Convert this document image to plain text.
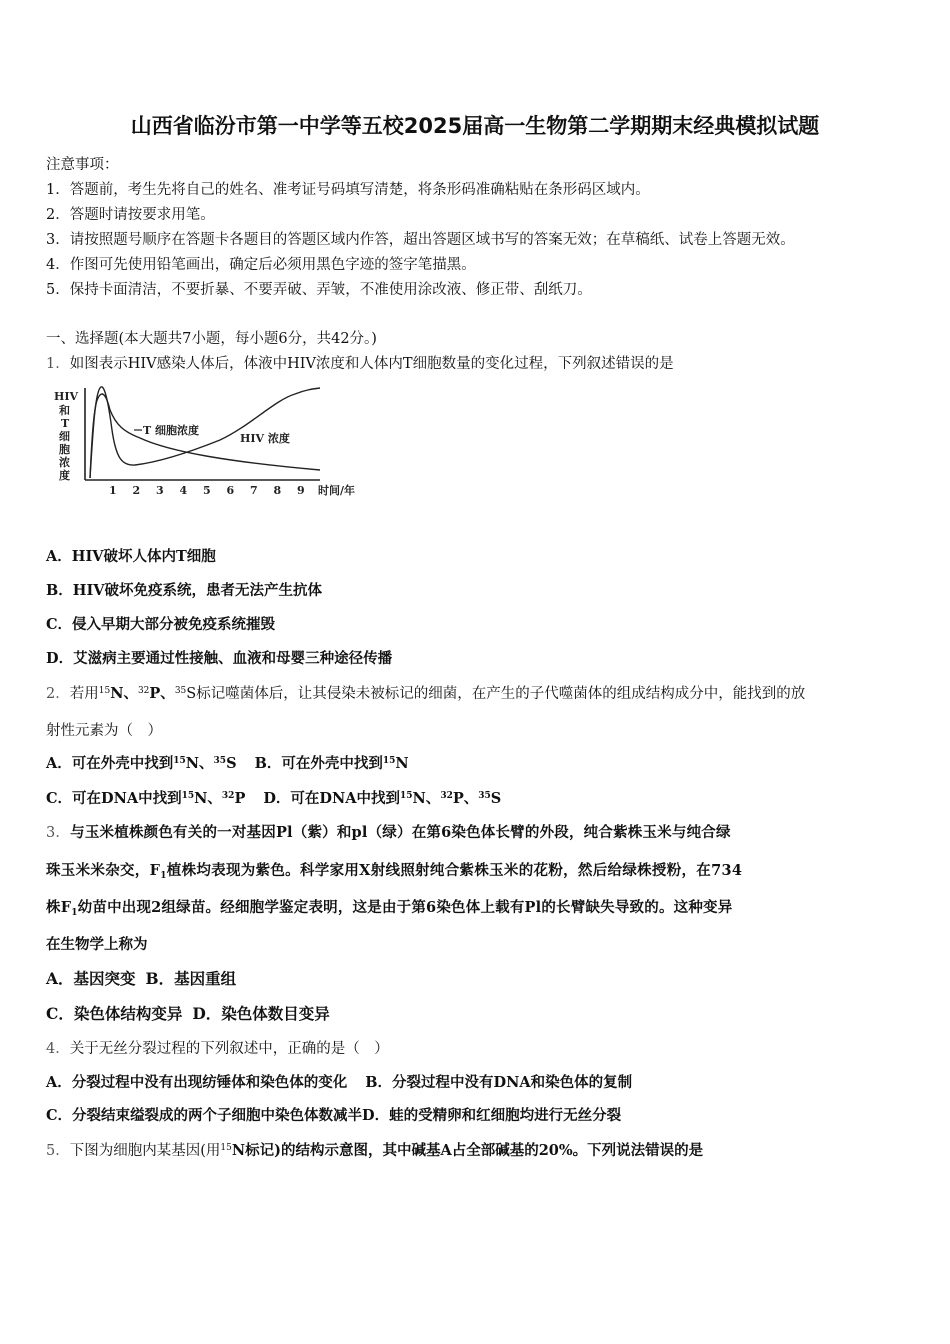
山西省临汾市第一中学等五校2025届高一生物第二学期期末经典模拟试题
注意事项：
1．答题前，考生先将自己的姓名、准考证号码填写清楚，将条形码准确粘贴在条形码区域内。
2．答题时请按要求用笔。
3．请按照题号顺序在答题卡各题目的答题区域内作答，超出答题区域书写的答案无效；在草稿纸、试卷上答题无效。
4．作图可先使用铅笔画出，确定后必须用黑色字迹的签字笔描黑。
5．保持卡面清洁，不要折暴、不要弄破、弄皱，不准使用涂改液、修正带、刮纸刀。
一、选择题(本大题共7小题，每小题6分，共42分。)
1．如图表示HIV感染人体后，体液中HIV浓度和人体内T细胞数量的变化过程，下列叙述错误的是
HIV
和
T
细
胞
浓
度
1 2 3 4 5 6 7 8 9 时间/年
T 细胞浓度
HIV 浓度
A．HIV破坏人体内T细胞
B．HIV破坏免疫系统，患者无法产生抗体
C．侵入早期大部分被免疫系统摧毁
D．艾滋病主要通过性接触、血液和母婴三种途径传播
2．若用$^{15}$N、$^{32}$P、$^{35}$S标记噬菌体后，让其侵染未被标记的细菌，在产生的子代噬菌体的组成结构成分中，能找到的放
射性元素为（　）
A．可在外壳中找到$^{15}$N、$^{35}$S B．可在外壳中找到$^{15}$N
C．可在DNA中找到$^{15}$N、$^{32}$P D．可在DNA中找到$^{15}$N、$^{32}$P、$^{35}$S
3．与玉米植株颜色有关的一对基因Pl（紫）和pl（绿）在第6染色体长臂的外段，纯合紫株玉米与纯合绿
珠玉米米杂交，$F_1$植株均表现为紫色。科学家用X射线照射纯合紫株玉米的花粉，然后给绿株授粉，在734
株$F_1$幼苗中出现2组绿苗。经细胞学鉴定表明，这是由于第6染色体上载有Pl的长臂缺失导致的。这种变异
在生物学上称为
A．基因突变 B．基因重组
C．染色体结构变异 D．染色体数目变异
4．关于无丝分裂过程的下列叙述中，正确的是（　）
A．分裂过程中没有出现纺锤体和染色体的变化 B．分裂过程中没有DNA和染色体的复制
C．分裂结束缢裂成的两个子细胞中染色体数减半D．蛙的受精卵和红细胞均进行无丝分裂
5．下图为细胞内某基因(用$^{15}$N标记)的结构示意图，其中碱基A占全部碱基的20%。下列说法错误的是
